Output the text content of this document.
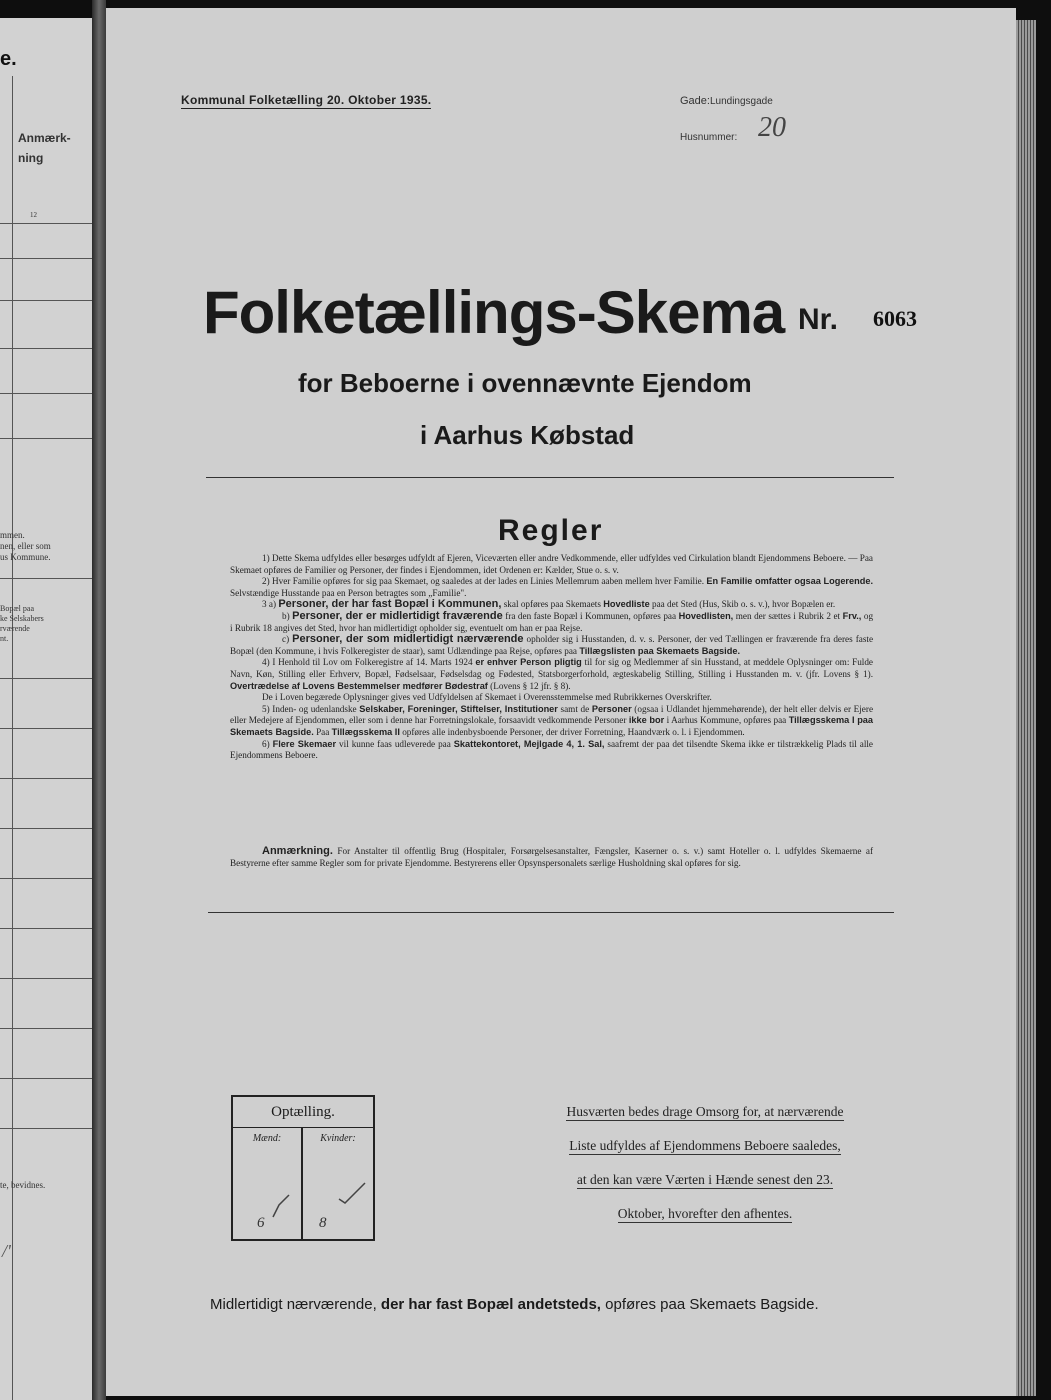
e.
Anmærk-
ning
12
mmen.
nen, eller som
us Kommune.
Bopæl paa
ke Selskabers
rværende
nt.
te, bevidnes.
/'
Kommunal Folketælling 20. Oktober 1935.	Gade:Lundingsgade
Husnummer: 20
Folketællings-Skema Nr. 6063
for Beboerne i ovennævnte Ejendom
i Aarhus Købstad
Regler

1) Dette Skema udfyldes eller besørges udfyldt af Ejeren, Viceværten eller andre Vedkommende, eller udfyldes ved Cirkulation blandt Ejendommens Beboere. — Paa Skemaet opføres de Familier og Personer, der findes i Ejendommen, idet Ordenen er: Kælder, Stue o. s. v.

2) Hver Familie opføres for sig paa Skemaet, og saaledes at der lades en Linies Mellemrum aaben mellem hver Familie. En Familie omfatter ogsaa Logerende. Selvstændige Husstande paa en Person betragtes som „Familie".

3 a) Personer, der har fast Bopæl i Kommunen, skal opføres paa Skemaets Hovedliste paa det Sted (Hus, Skib o. s. v.), hvor Bopælen er.

b) Personer, der er midlertidigt fraværende fra den faste Bopæl i Kommunen, opføres paa Hovedlisten, men der sættes i Rubrik 2 et Frv., og i Rubrik 18 angives det Sted, hvor han midlertidigt opholder sig, eventuelt om han er paa Rejse.

c) Personer, der som midlertidigt nærværende opholder sig i Husstanden, d. v. s. Personer, der ved Tællingen er fraværende fra deres faste Bopæl (den Kommune, i hvis Folkeregister de staar), samt Udlændinge paa Rejse, opføres paa Tillægslisten paa Skemaets Bagside.

4) I Henhold til Lov om Folkeregistre af 14. Marts 1924 er enhver Person pligtig til for sig og Medlemmer af sin Husstand, at meddele Oplysninger om: Fulde Navn, Køn, Stilling eller Erhverv, Bopæl, Fødselsaar, Fødselsdag og Fødested, Statsborgerforhold, ægteskabelig Stilling, Stilling i Husstanden m. v. (jfr. Lovens § 1). Overtrædelse af Lovens Bestemmelser medfører Bødestraf (Lovens § 12 jfr. § 8).

De i Loven begærede Oplysninger gives ved Udfyldelsen af Skemaet i Overensstemmelse med Rubrikkernes Overskrifter.

5) Inden- og udenlandske Selskaber, Foreninger, Stiftelser, Institutioner samt de Personer (ogsaa i Udlandet hjemmehørende), der helt eller delvis er Ejere eller Medejere af Ejendommen, eller som i denne har Forretningslokale, forsaavidt vedkommende Personer ikke bor i Aarhus Kommune, opføres paa Tillægsskema I paa Skemaets Bagside. Paa Tillægsskema II opføres alle indenbysboende Personer, der driver Forretning, Haandværk o. l. i Ejendommen.

6) Flere Skemaer vil kunne faas udleverede paa Skattekontoret, Mejlgade 4, 1. Sal, saafremt der paa det tilsendte Skema ikke er tilstrækkelig Plads til alle Ejendommens Beboere.

Anmærkning. For Anstalter til offentlig Brug (Hospitaler, Forsørgelsesanstalter, Fængsler, Kaserner o. s. v.) samt Hoteller o. l. udfyldes Skemaerne af Bestyrerne efter samme Regler som for private Ejendomme. Bestyrerens eller Opsynspersonalets særlige Husholdning skal opføres for sig.
Optælling.
Mænd:	Kvinder:
6	8
Husværten bedes drage Omsorg for, at nærværende
Liste udfyldes af Ejendommens Beboere saaledes,
at den kan være Værten i Hænde senest den 23.
Oktober, hvorefter den afhentes.
Midlertidigt nærværende, der har fast Bopæl andetsteds, opføres paa Skemaets Bagside.
